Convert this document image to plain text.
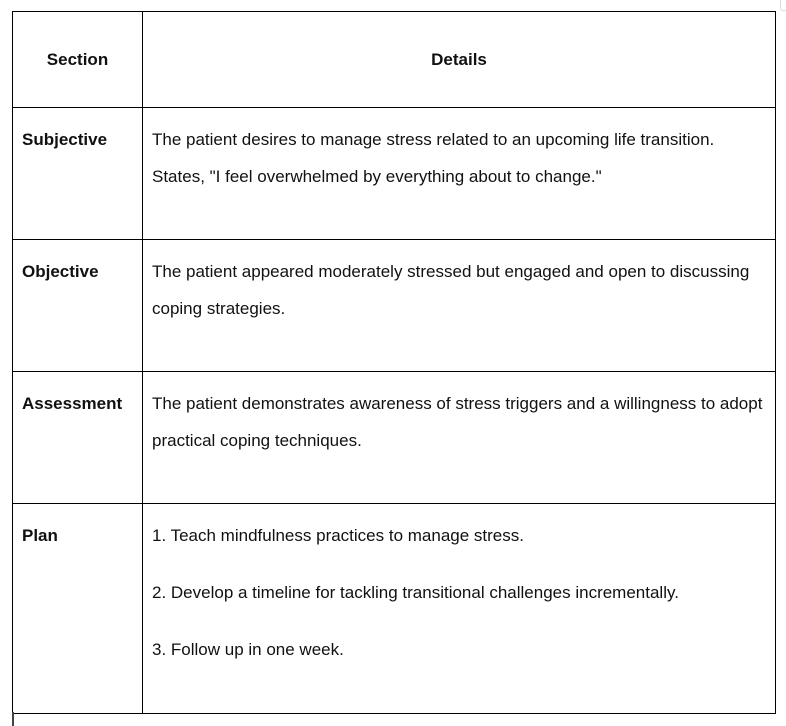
Section	Details
Subjective	The patient desires to manage stress related to an upcoming life transition. States, "I feel overwhelmed by everything about to change."
Objective	The patient appeared moderately stressed but engaged and open to discussing coping strategies.
Assessment	The patient demonstrates awareness of stress triggers and a willingness to adopt practical coping techniques.
Plan	1. Teach mindfulness practices to manage stress.

2. Develop a timeline for tackling transitional challenges incrementally.

3. Follow up in one week.
